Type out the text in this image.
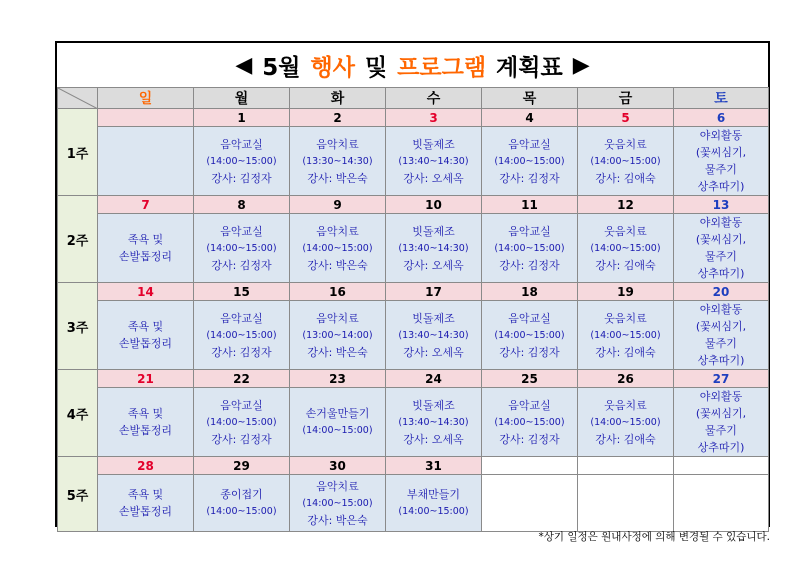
◀ 5월 행사 및 프로그램 계획표 ▶
	일	월	화	수	목	금	토
1주		1	2	3	4	5	6

		음악교실
(14:00~15:00)
강사: 김정자	음악치료
(13:30~14:30)
강사: 박은숙	빗돌제조
(13:40~14:30)
강사: 오세옥	음악교실
(14:00~15:00)
강사: 김정자	웃음치료
(14:00~15:00)
강사: 김애숙	야외활동
(꽃씨심기,
물주기
상추따기)

2주	7	8	9	10	11	12	13

	족욕 및
손발톱정리	음악교실
(14:00~15:00)
강사: 김정자	음악치료
(14:00~15:00)
강사: 박은숙	빗돌제조
(13:40~14:30)
강사: 오세옥	음악교실
(14:00~15:00)
강사: 김정자	웃음치료
(14:00~15:00)
강사: 김애숙	야외활동
(꽃씨심기,
물주기
상추따기)

3주	14	15	16	17	18	19	20

	족욕 및
손발톱정리	음악교실
(14:00~15:00)
강사: 김정자	음악치료
(13:00~14:00)
강사: 박은숙	빗돌제조
(13:40~14:30)
강사: 오세옥	음악교실
(14:00~15:00)
강사: 김정자	웃음치료
(14:00~15:00)
강사: 김애숙	야외활동
(꽃씨심기,
물주기
상추따기)

4주	21	22	23	24	25	26	27

	족욕 및
손발톱정리	음악교실
(14:00~15:00)
강사: 김정자	손거울만들기
(14:00~15:00)	빗돌제조
(13:40~14:30)
강사: 오세옥	음악교실
(14:00~15:00)
강사: 김정자	웃음치료
(14:00~15:00)
강사: 김애숙	야외활동
(꽃씨심기,
물주기
상추따기)

5주	28	29	30	31			

	족욕 및
손발톱정리	종이접기
(14:00~15:00)	음악치료
(14:00~15:00)
강사: 박은숙	부채만들기
(14:00~15:00)			

*상기 일정은 원내사정에 의해 변경될 수 있습니다.
